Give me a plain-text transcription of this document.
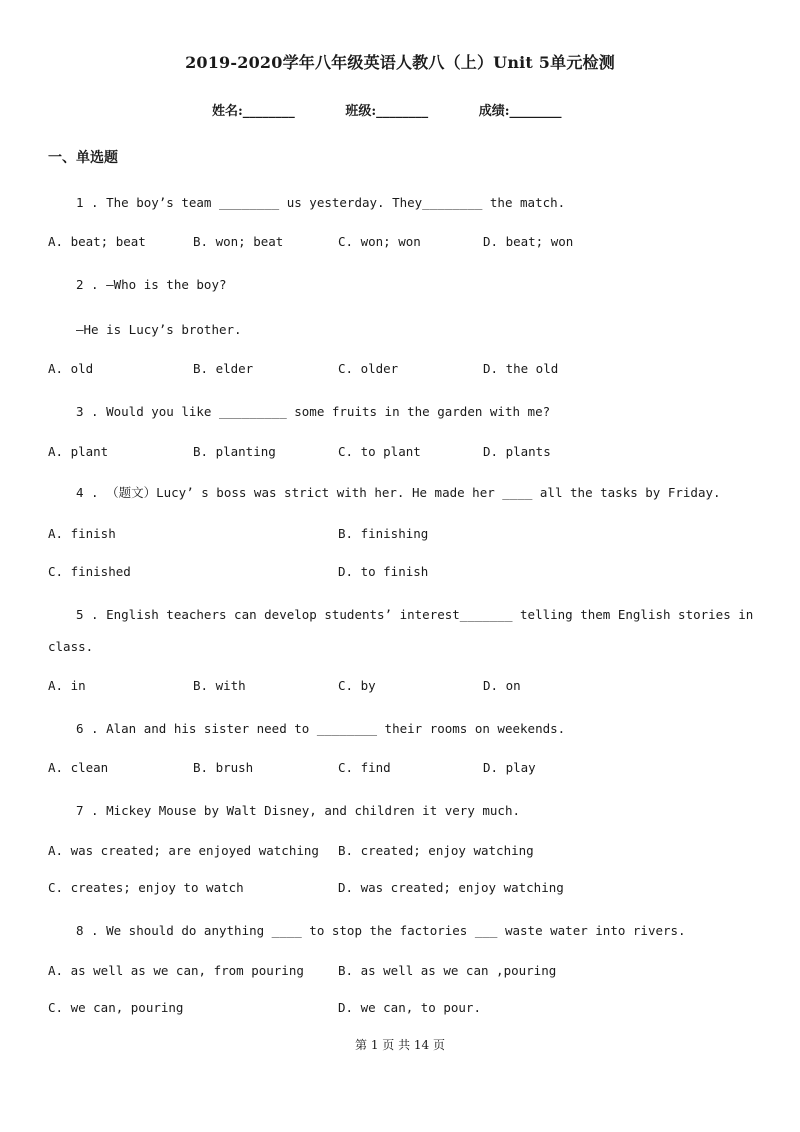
2019-2020学年八年级英语人教八（上）Unit 5单元检测
姓名:________	班级:________	成绩:________
一、单选题
1 . The boy’s team ________ us yesterday. They________ the match.
A. beat; beat	B. won; beat	C. won; won	D. beat; won
2 . —Who is the boy?
—He is Lucy’s brother.
A. old	B. elder	C. older	D. the old
3 . Would you like _________ some fruits in the garden with me?
A. plant	B. planting	C. to plant	D. plants
4 . （题文）Lucy’ s boss was strict with her. He made her ____ all the tasks by Friday.
A. finish	B. finishing
C. finished	D. to finish
5 . English teachers can develop students’ interest_______ telling them English stories in
class.
A. in	B. with	C. by	D. on
6 . Alan and his sister need to ________ their rooms on weekends.
A. clean	B. brush	C. find	D. play
7 . Mickey Mouse by Walt Disney, and children it very much.
A. was created; are enjoyed watching B. created; enjoy watching
C. creates; enjoy to watch	D. was created; enjoy watching
8 . We should do anything ____ to stop the factories ___ waste water into rivers.
A. as well as we can, from pouring	B. as well as we can ,pouring
C. we can, pouring	D. we can, to pour.
第 1 页 共 14 页
